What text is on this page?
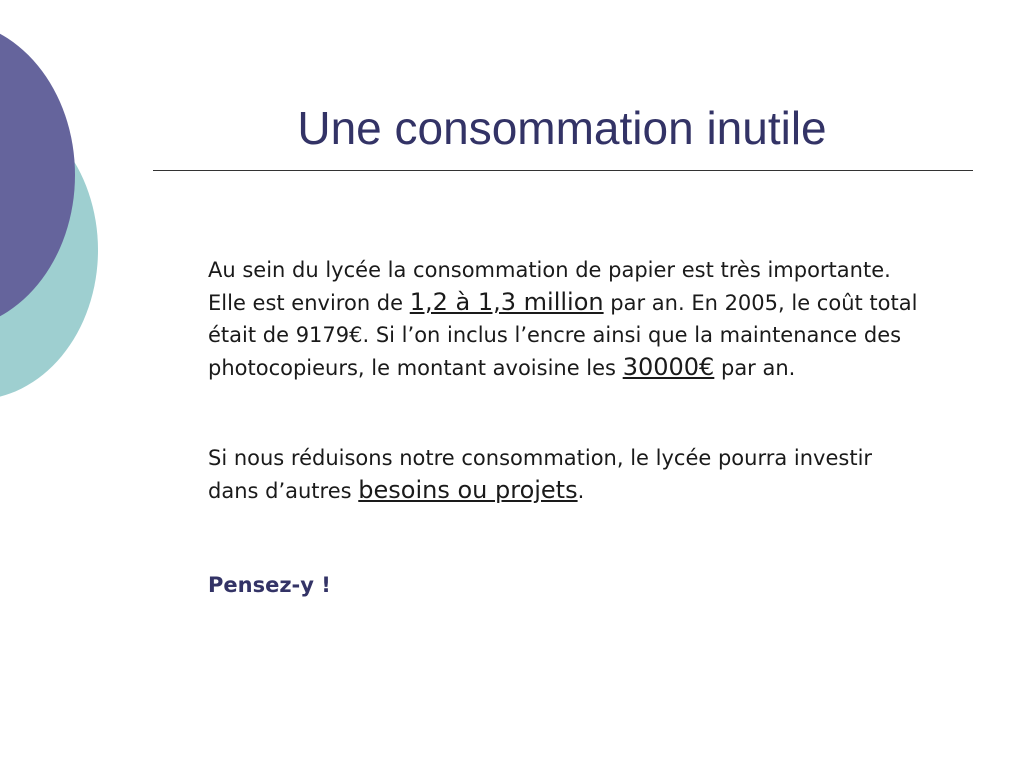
Une consommation inutile

Au sein du lycée la consommation de papier est très importante. Elle est environ de 1,2 à 1,3 million par an. En 2005, le coût total était de 9179€. Si l’on inclus l’encre ainsi que la maintenance des photocopieurs, le montant avoisine les 30000€ par an.

Si nous réduisons notre consommation, le lycée pourra investir dans d’autres besoins ou projets.

Pensez-y !
